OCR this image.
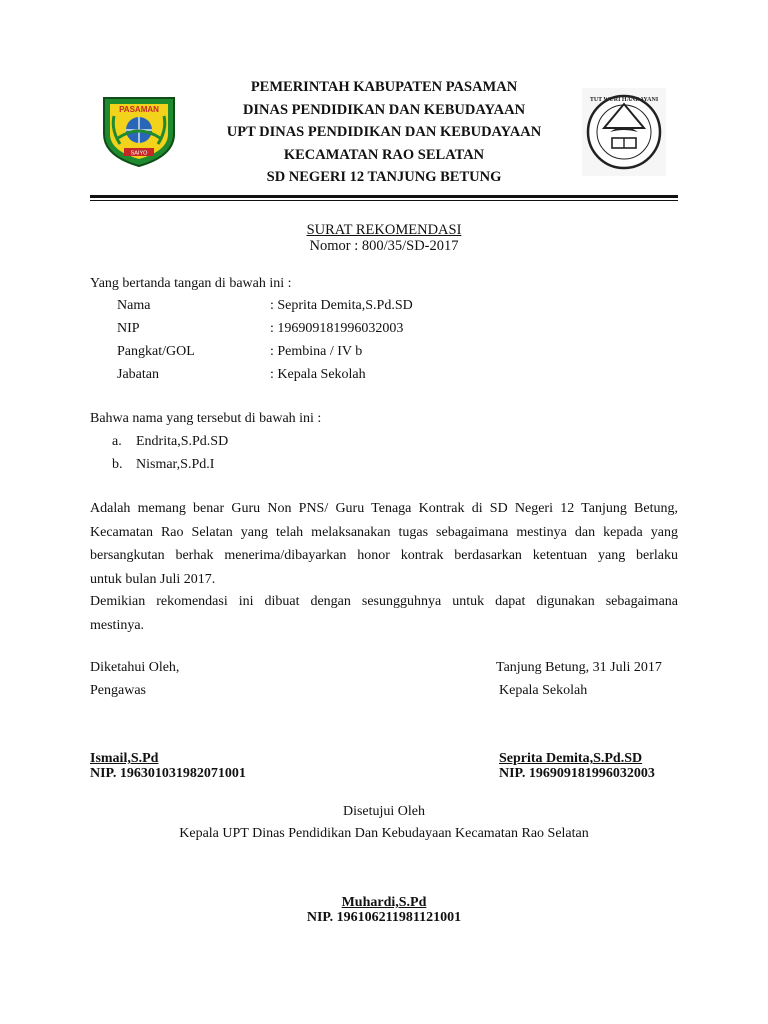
PASAMAN
SAIYO
PEMERINTAH KABUPATEN PASAMAN
DINAS PENDIDIKAN DAN KEBUDAYAAN
UPT DINAS PENDIDIKAN DAN KEBUDAYAAN
KECAMATAN RAO SELATAN
SD NEGERI 12 TANJUNG BETUNG
TUT WURI HANDAYANI
SURAT REKOMENDASI
Nomor : 800/35/SD-2017
Yang bertanda tangan di bawah ini :
Nama	: Seprita Demita,S.Pd.SD
NIP	: 196909181996032003
Pangkat/GOL	: Pembina / IV b
Jabatan	: Kepala Sekolah
Bahwa nama yang tersebut di bawah ini :
a. Endrita,S.Pd.SD
b. Nismar,S.Pd.I
Adalah memang benar Guru Non PNS/ Guru Tenaga Kontrak di SD Negeri 12 Tanjung Betung,
Kecamatan Rao Selatan yang telah melaksanakan tugas sebagaimana mestinya dan kepada yang
bersangkutan berhak menerima/dibayarkan honor kontrak berdasarkan ketentuan yang berlaku
untuk bulan Juli 2017.
Demikian rekomendasi ini dibuat dengan sesungguhnya untuk dapat digunakan sebagaimana
mestinya.
Diketahui Oleh,
Pengawas
Ismail,S.Pd
NIP. 196301031982071001
Tanjung Betung, 31 Juli 2017
Kepala Sekolah
Seprita Demita,S.Pd.SD
NIP. 196909181996032003
Disetujui Oleh
Kepala UPT Dinas Pendidikan Dan Kebudayaan Kecamatan Rao Selatan
Muhardi,S.Pd
NIP. 196106211981121001
